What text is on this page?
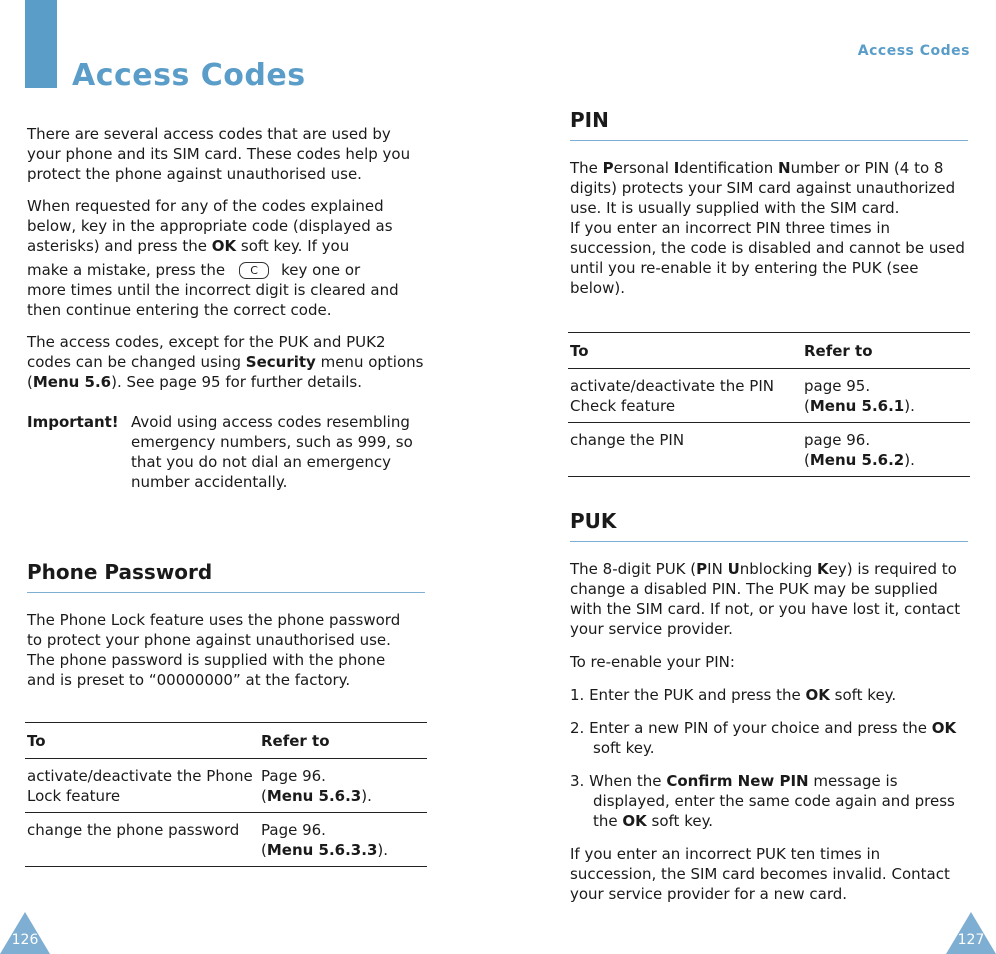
Access Codes

There are several access codes that are used by your phone and its SIM card. These codes help you protect the phone against unauthorised use.

When requested for any of the codes explained below, key in the appropriate code (displayed as asterisks) and press the OK soft key. If you

make a mistake, press the C key one or
more times until the incorrect digit is cleared and then continue entering the correct code.

The access codes, except for the PUK and PUK2 codes can be changed using Security menu options (Menu 5.6). See page 95 for further details.

Important! Avoid using access codes resembling emergency numbers, such as 999, so that you do not dial an emergency number accidentally.
Phone Password

The Phone Lock feature uses the phone password to protect your phone against unauthorised use. The phone password is supplied with the phone and is preset to “00000000” at the factory.

To	Refer to
activate/deactivate the Phone Lock feature	Page 96.
(Menu 5.6.3).
change the phone password	Page 96.
(Menu 5.6.3.3).
126
Access Codes
PIN

The Personal Identification Number or PIN (4 to 8 digits) protects your SIM card against unauthorized use. It is usually supplied with the SIM card.

If you enter an incorrect PIN three times in succession, the code is disabled and cannot be used until you re-enable it by entering the PUK (see below).

To	Refer to
activate/deactivate the PIN Check feature	page 95.
(Menu 5.6.1).
change the PIN	page 96.
(Menu 5.6.2).
PUK

The 8-digit PUK (PIN Unblocking Key) is required to change a disabled PIN. The PUK may be supplied with the SIM card. If not, or you have lost it, contact your service provider.

To re-enable your PIN:

1. Enter the PUK and press the OK soft key.

2. Enter a new PIN of your choice and press the OK soft key.

3. When the Confirm New PIN message is displayed, enter the same code again and press the OK soft key.

If you enter an incorrect PUK ten times in succession, the SIM card becomes invalid. Contact your service provider for a new card.

127
